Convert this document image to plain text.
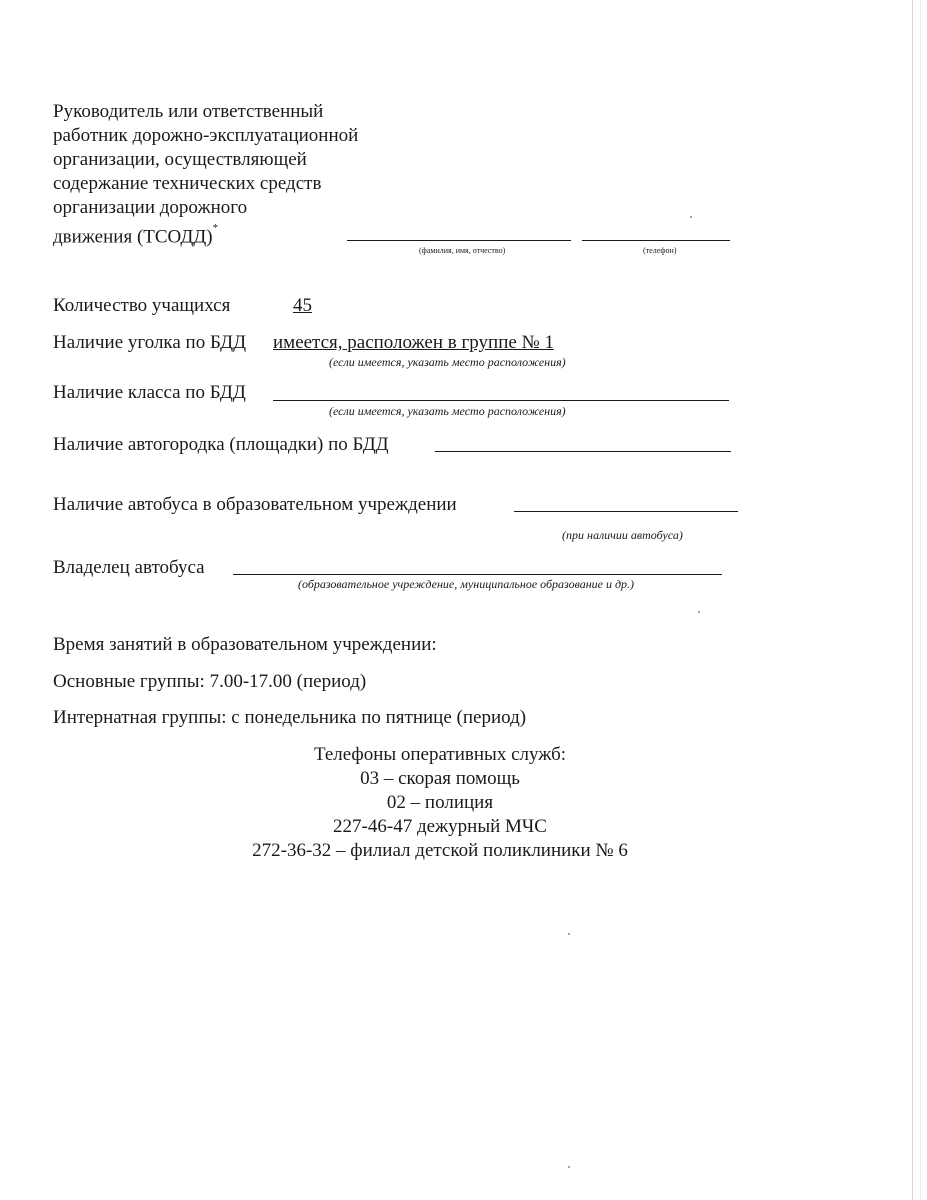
Руководитель или ответственный
работник дорожно-эксплуатационной
организации, осуществляющей
содержание технических средств
организации дорожного
движения (ТСОДД)*
(фамилия, имя, отчество)	(телефон)
Количество учащихся	45
Наличие уголка по БДД имеется, расположен в группе № 1
(если имеется, указать место расположения)
Наличие класса по БДД
(если имеется, указать место расположения)
Наличие автогородка (площадки) по БДД
Наличие автобуса в образовательном учреждении
(при наличии автобуса)
Владелец автобуса
(образовательное учреждение, муниципальное образование и др.)
Время занятий в образовательном учреждении:
Основные группы: 7.00-17.00 (период)
Интернатная группы: с понедельника по пятнице (период)
Телефоны оперативных служб:
03 – скорая помощь
02 – полиция
227-46-47 дежурный МЧС
272-36-32 – филиал детской поликлиники № 6
